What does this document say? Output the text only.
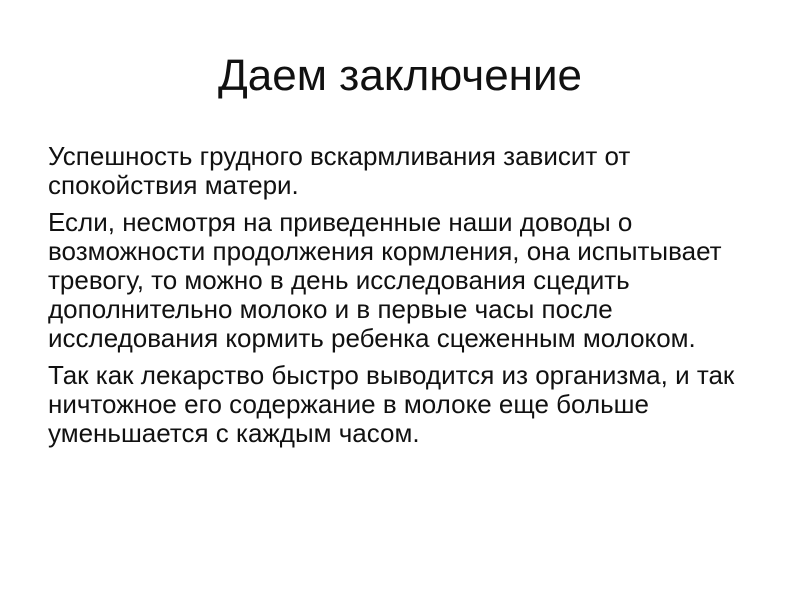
Даем заключение

Успешность грудного вскармливания зависит от спокойствия матери.

Если, несмотря на приведенные наши доводы о возможности продолжения кормления, она испытывает тревогу, то можно в день исследования сцедить дополнительно молоко и в первые часы после исследования кормить ребенка сцеженным молоком.

Так как лекарство быстро выводится из организма, и так ничтожное его содержание в молоке еще больше уменьшается с каждым часом.
